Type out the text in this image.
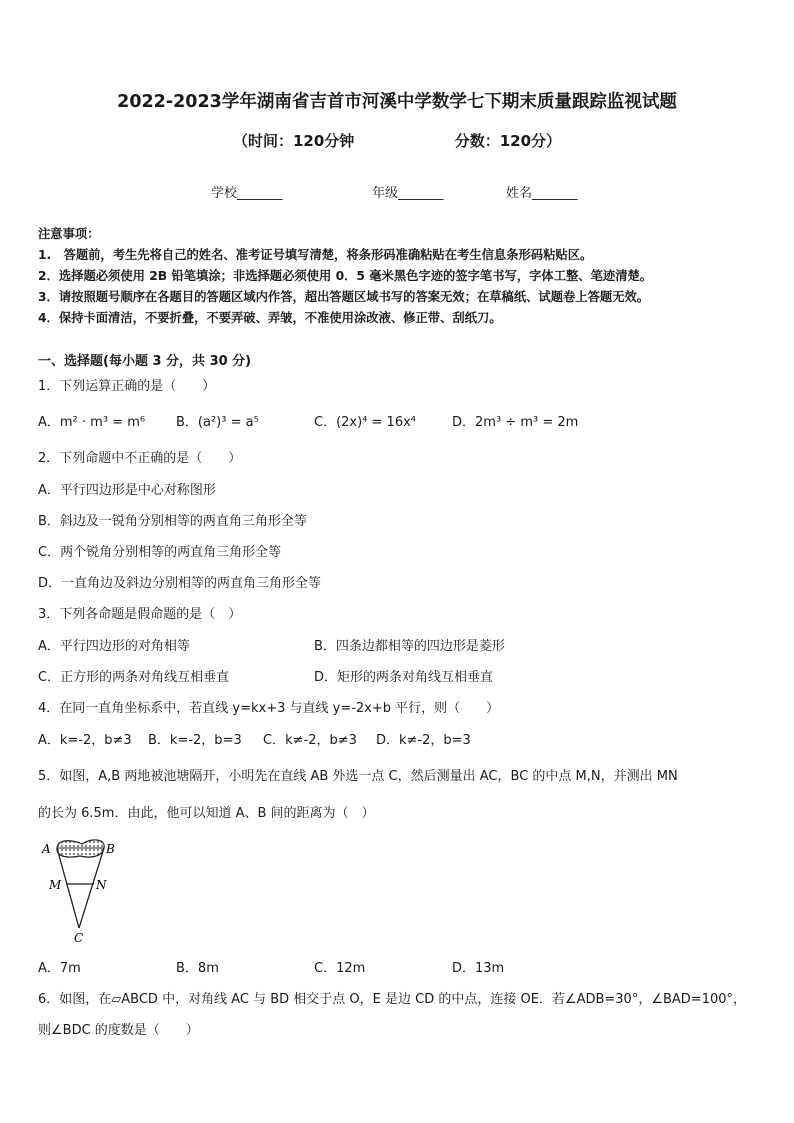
2022-2023学年湖南省吉首市河溪中学数学七下期末质量跟踪监视试题
（时间：120分钟	分数：120分）
学校_______	年级_______	姓名_______
注意事项：
1.　答题前，考生先将自己的姓名、准考证号填写清楚，将条形码准确粘贴在考生信息条形码粘贴区。
2．选择题必须使用 2B 铅笔填涂；非选择题必须使用 0．5 毫米黑色字迹的签字笔书写，字体工整、笔迹清楚。
3．请按照题号顺序在各题目的答题区域内作答，超出答题区域书写的答案无效；在草稿纸、试题卷上答题无效。
4．保持卡面清洁，不要折叠，不要弄破、弄皱，不准使用涂改液、修正带、刮纸刀。
一、选择题(每小题 3 分，共 30 分)
1．下列运算正确的是（　　）
A．m² · m³ = m⁶ B．(a²)³ = a⁵	C．(2x)⁴ = 16x⁴	D．2m³ ÷ m³ = 2m
2．下列命题中不正确的是（　　）
A．平行四边形是中心对称图形
B．斜边及一锐角分别相等的两直角三角形全等
C．两个锐角分别相等的两直角三角形全等
D．一直角边及斜边分别相等的两直角三角形全等
3．下列各命题是假命题的是（　）
A．平行四边形的对角相等	B．四条边都相等的四边形是菱形
C．正方形的两条对角线互相垂直	D．矩形的两条对角线互相垂直
4．在同一直角坐标系中，若直线 y=kx+3 与直线 y=-2x+b 平行，则（　　）
A．k=-2，b≠3 B．k=-2，b=3 C．k≠-2，b≠3 D．k≠-2，b=3
5．如图，A,B 两地被池塘隔开，小明先在直线 AB 外选一点 C，然后测量出 AC，BC 的中点 M,N，并测出 MN
的长为 6.5m．由此，他可以知道 A、B 间的距离为（　）
A	B
M	N
C
A．7m	B．8m	C．12m	D．13m
6．如图，在▱ABCD 中，对角线 AC 与 BD 相交于点 O，E 是边 CD 的中点，连接 OE．若∠ADB=30°，∠BAD=100°，
则∠BDC 的度数是（　　）
